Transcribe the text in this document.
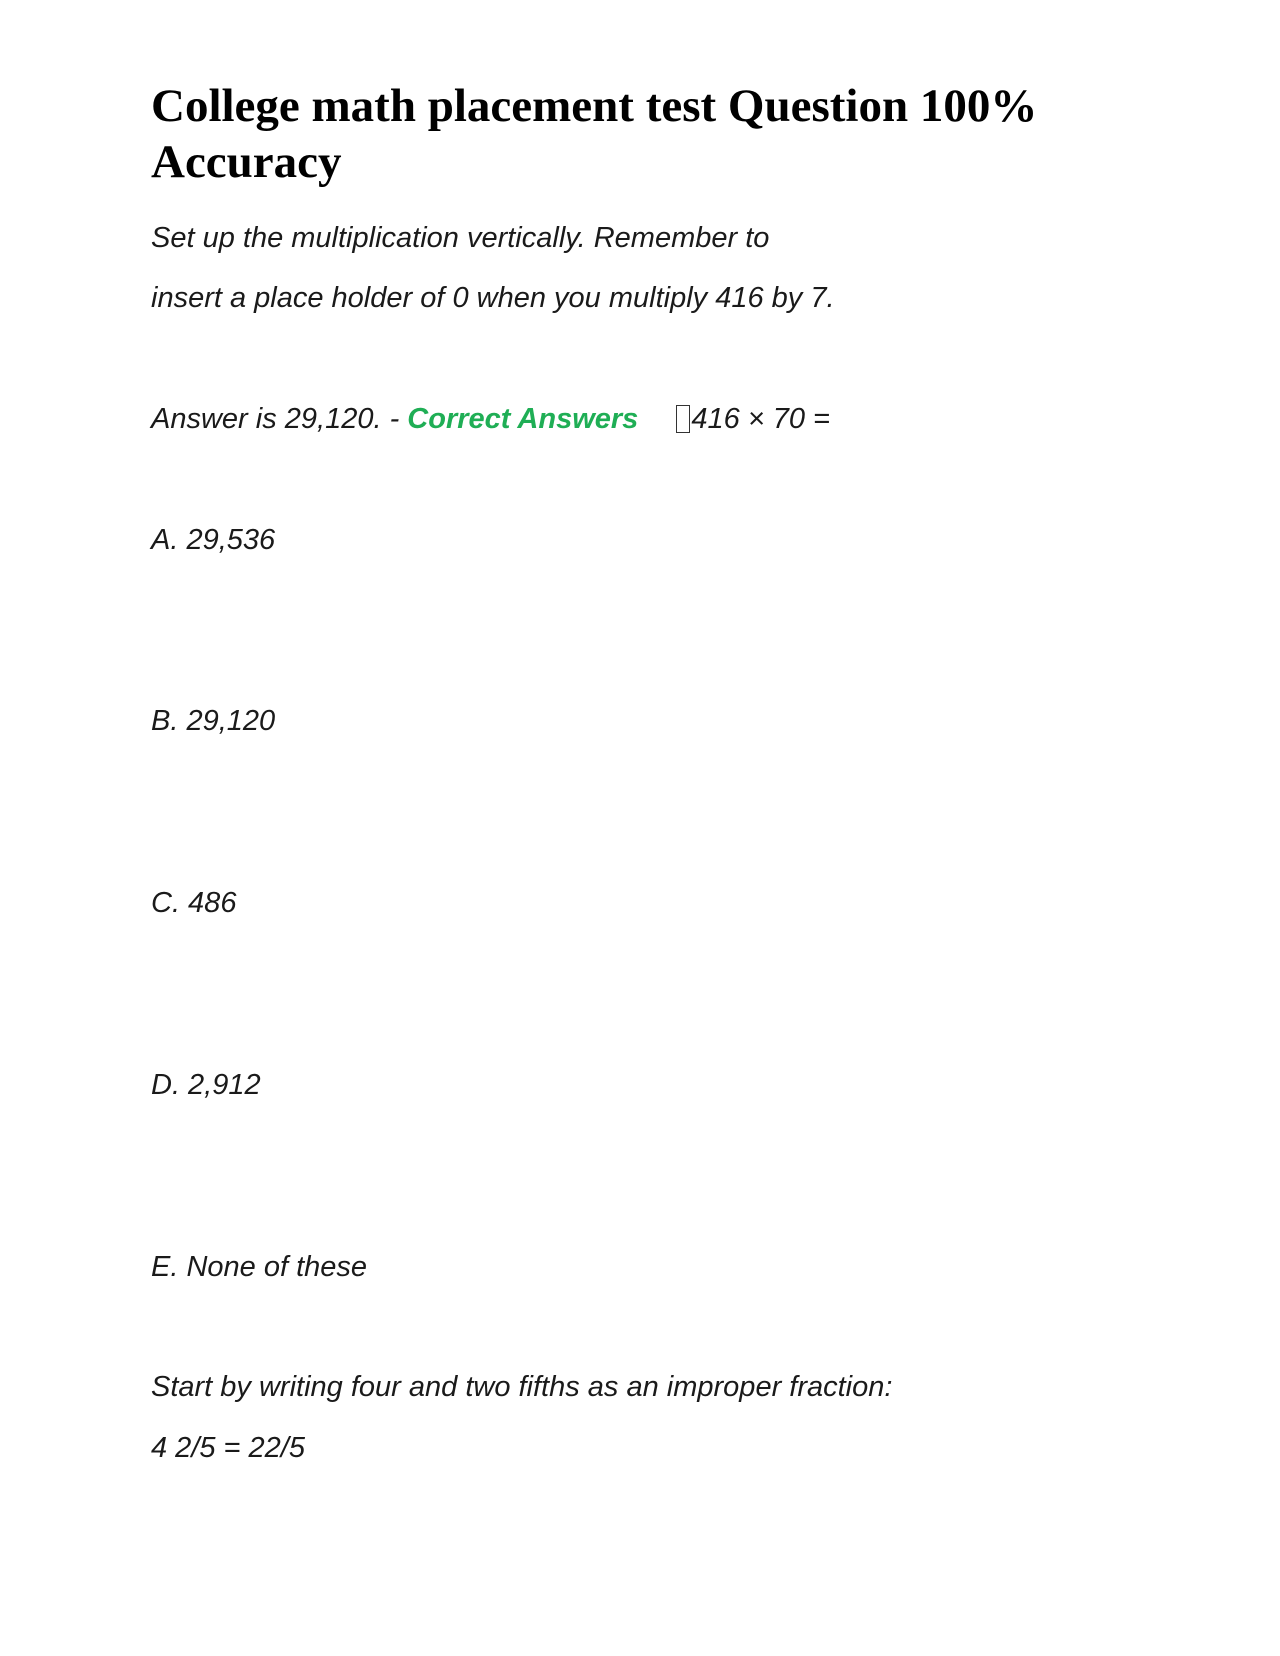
College math placement test Question 100% Accuracy

Set up the multiplication vertically. Remember to

insert a place holder of 0 when you multiply 416 by 7.

Answer is 29,120. - Correct Answers 416 × 70 =

A. 29,536

B. 29,120

C. 486

D. 2,912

E. None of these

Start by writing four and two fifths as an improper fraction:

4 2/5 = 22/5
